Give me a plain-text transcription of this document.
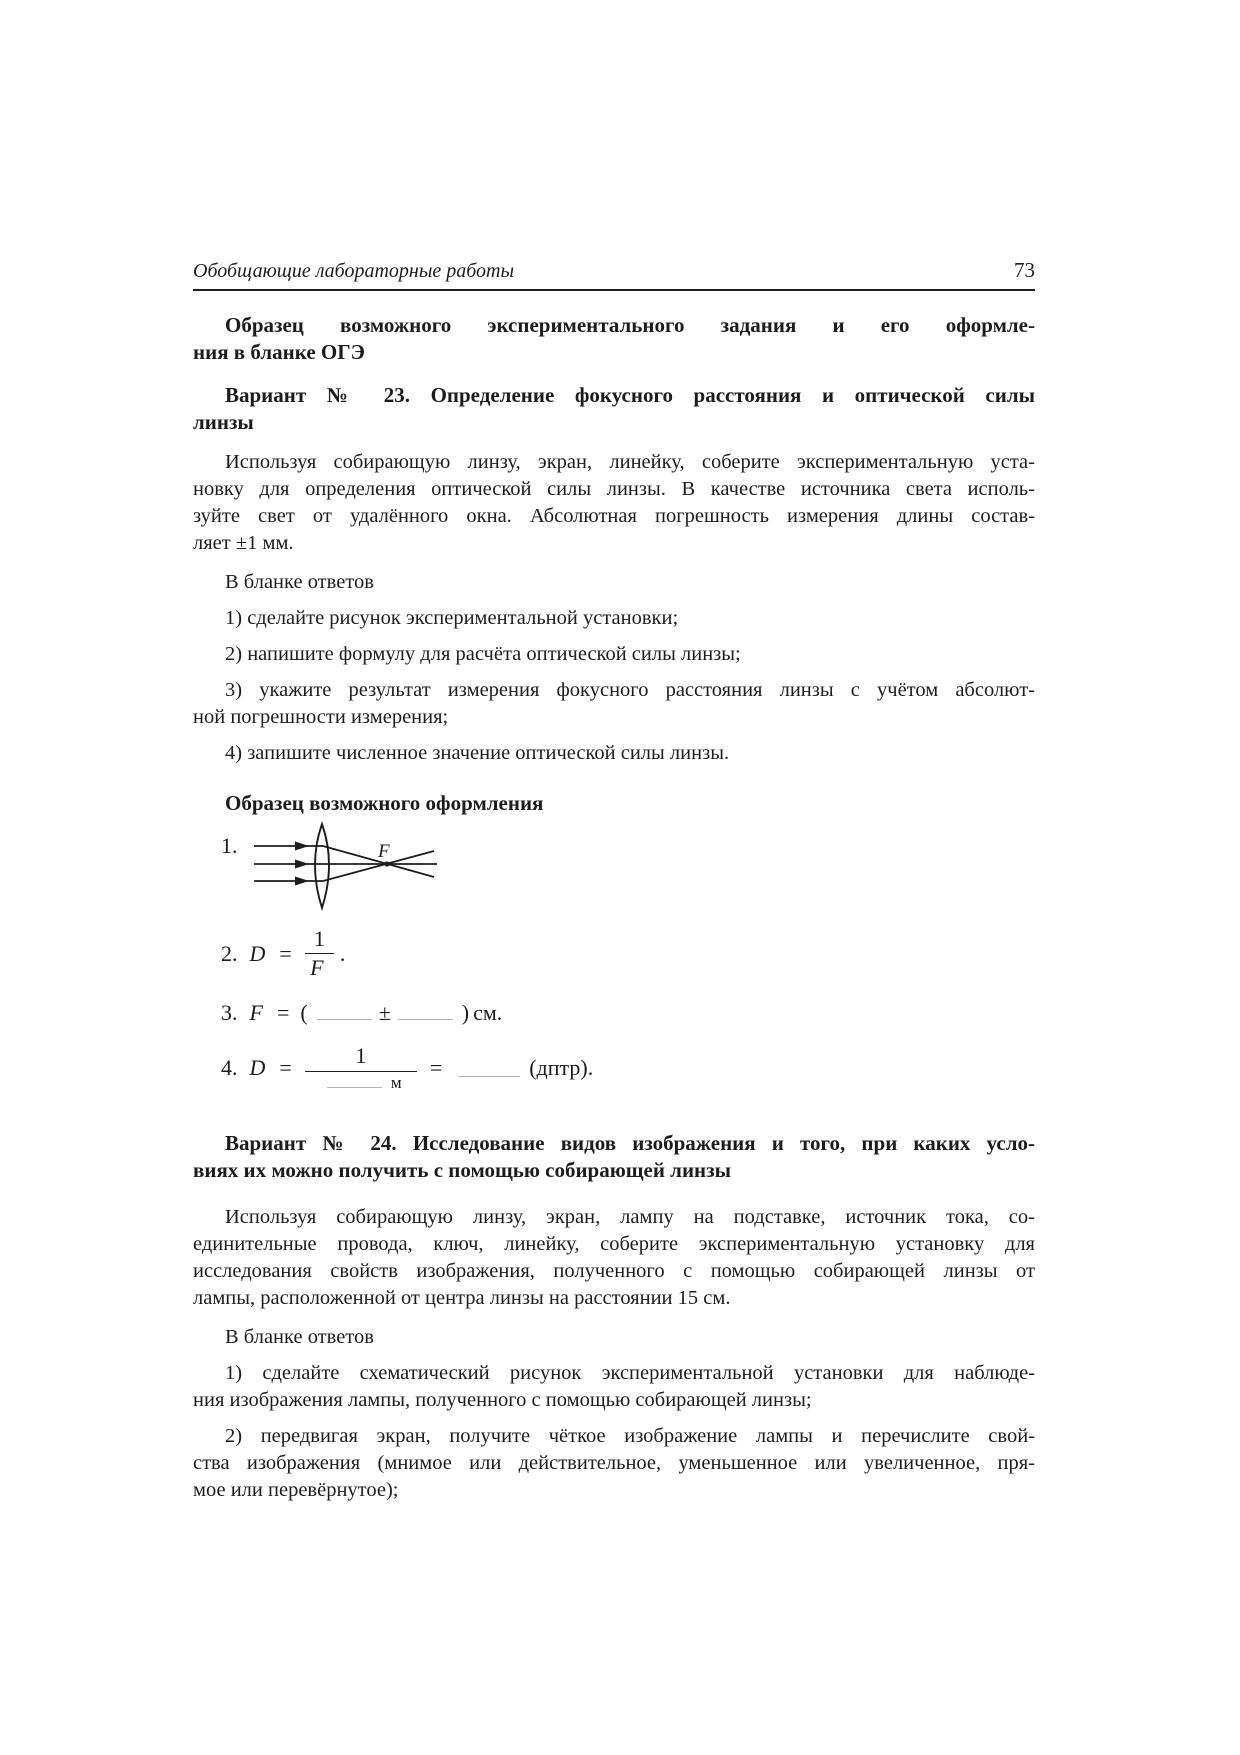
Обобщающие лабораторные работы	73
Образец возможного экспериментального задания и его оформле-
ния в бланке ОГЭ
Вариант № 23. Определение фокусного расстояния и оптической силы
линзы
Используя собирающую линзу, экран, линейку, соберите экспериментальную уста-
новку для определения оптической силы линзы. В качестве источника света исполь-
зуйте свет от удалённого окна. Абсолютная погрешность измерения длины состав-
ляет ±1 мм.
В бланке ответов
1) сделайте рисунок экспериментальной установки;
2) напишите формулу для расчёта оптической силы линзы;
3) укажите результат измерения фокусного расстояния линзы с учётом абсолют-
ной погрешности измерения;
4) запишите численное значение оптической силы линзы.
Образец возможного оформления
1.	F
2. $D = \frac{1}{F}$ .
3. F = (	±	) см.
4. $D = \frac{1}{м}$ =	(дптр).
Вариант № 24. Исследование видов изображения и того, при каких усло-
виях их можно получить с помощью собирающей линзы
Используя собирающую линзу, экран, лампу на подставке, источник тока, со-
единительные провода, ключ, линейку, соберите экспериментальную установку для
исследования свойств изображения, полученного с помощью собирающей линзы от
лампы, расположенной от центра линзы на расстоянии 15 см.
В бланке ответов
1) сделайте схематический рисунок экспериментальной установки для наблюде-
ния изображения лампы, полученного с помощью собирающей линзы;
2) передвигая экран, получите чёткое изображение лампы и перечислите свой-
ства изображения (мнимое или действительное, уменьшенное или увеличенное, пря-
мое или перевёрнутое);
